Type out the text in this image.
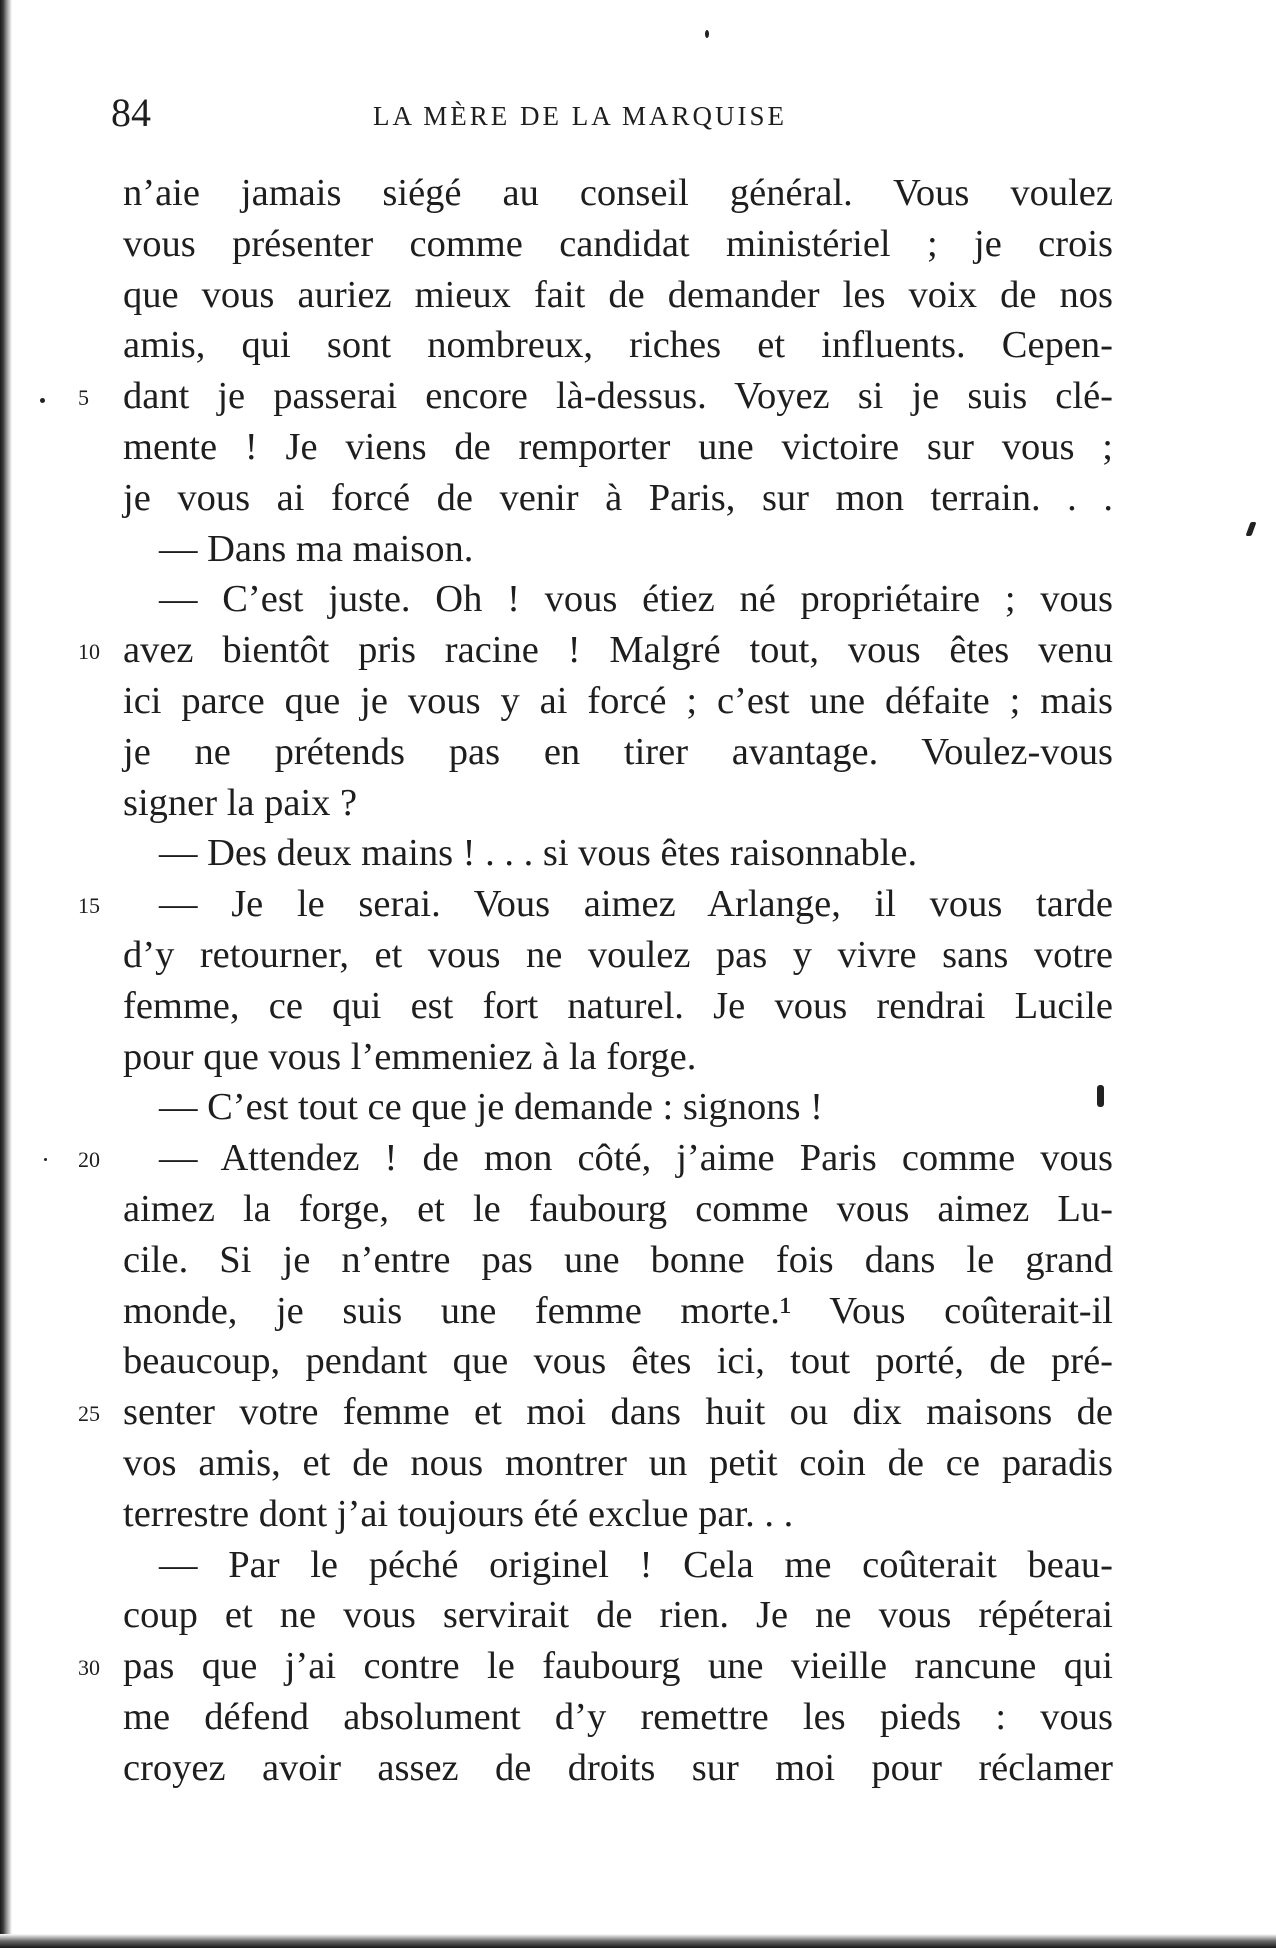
84	LA MÈRE DE LA MARQUISE
n’aie jamais siégé au conseil général. Vous voulez
vous présenter comme candidat ministériel ; je crois
que vous auriez mieux fait de demander les voix de nos
amis, qui sont nombreux, riches et influents. Cepen-
dant je passerai encore là-dessus. Voyez si je suis clé-
5
mente ! Je viens de remporter une victoire sur vous ;
je vous ai forcé de venir à Paris, sur mon terrain. . .
— Dans ma maison.
— C’est juste. Oh ! vous étiez né propriétaire ; vous
avez bientôt pris racine ! Malgré tout, vous êtes venu
10
ici parce que je vous y ai forcé ; c’est une défaite ; mais
je ne prétends pas en tirer avantage. Voulez-vous
signer la paix ?
— Des deux mains ! . . . si vous êtes raisonnable.
— Je le serai. Vous aimez Arlange, il vous tarde
15
d’y retourner, et vous ne voulez pas y vivre sans votre
femme, ce qui est fort naturel. Je vous rendrai Lucile
pour que vous l’emmeniez à la forge.
— C’est tout ce que je demande : signons !
— Attendez ! de mon côté, j’aime Paris comme vous
20
aimez la forge, et le faubourg comme vous aimez Lu-
cile. Si je n’entre pas une bonne fois dans le grand
monde, je suis une femme morte.¹ Vous coûterait-il
beaucoup, pendant que vous êtes ici, tout porté, de pré-
senter votre femme et moi dans huit ou dix maisons de
25
vos amis, et de nous montrer un petit coin de ce paradis
terrestre dont j’ai toujours été exclue par. . .
— Par le péché originel ! Cela me coûterait beau-
coup et ne vous servirait de rien. Je ne vous répéterai
pas que j’ai contre le faubourg une vieille rancune qui
30
me défend absolument d’y remettre les pieds : vous
croyez avoir assez de droits sur moi pour réclamer
